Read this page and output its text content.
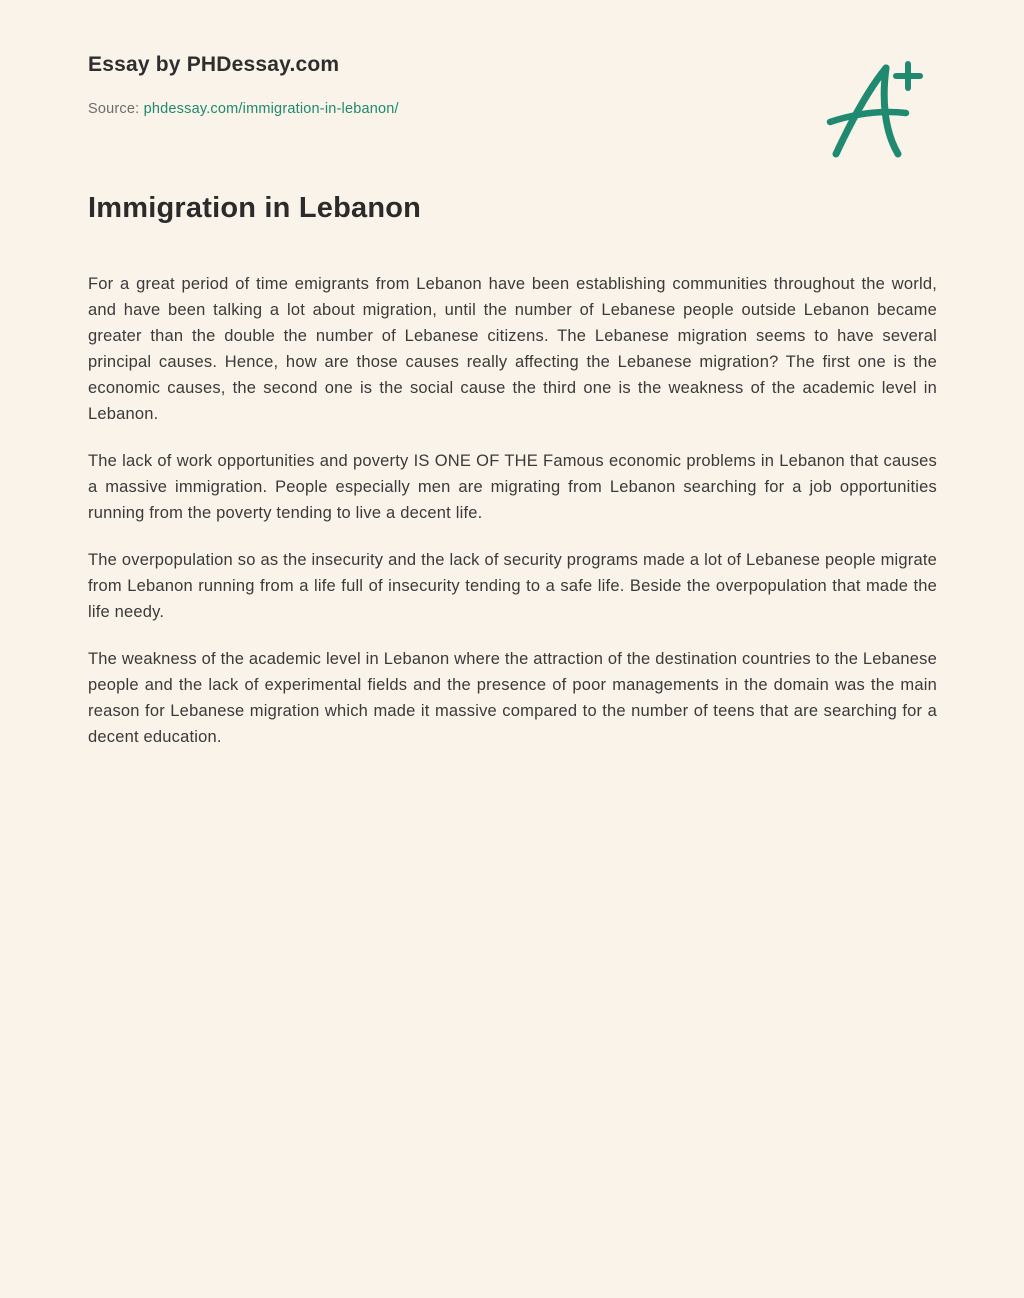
Essay by PHDessay.com
Source: phdessay.com/immigration-in-lebanon/
Immigration in Lebanon

For a great period of time emigrants from Lebanon have been establishing communities throughout the world, and have been talking a lot about migration, until the number of Lebanese people outside Lebanon became greater than the double the number of Lebanese citizens. The Lebanese migration seems to have several principal causes. Hence, how are those causes really affecting the Lebanese migration? The first one is the economic causes, the second one is the social cause the third one is the weakness of the academic level in Lebanon.

The lack of work opportunities and poverty IS ONE OF THE Famous economic problems in Lebanon that causes a massive immigration. People especially men are migrating from Lebanon searching for a job opportunities running from the poverty tending to live a decent life.

The overpopulation so as the insecurity and the lack of security programs made a lot of Lebanese people migrate from Lebanon running from a life full of insecurity tending to a safe life. Beside the overpopulation that made the life needy.

The weakness of the academic level in Lebanon where the attraction of the destination countries to the Lebanese people and the lack of experimental fields and the presence of poor managements in the domain was the main reason for Lebanese migration which made it massive compared to the number of teens that are searching for a decent education.
